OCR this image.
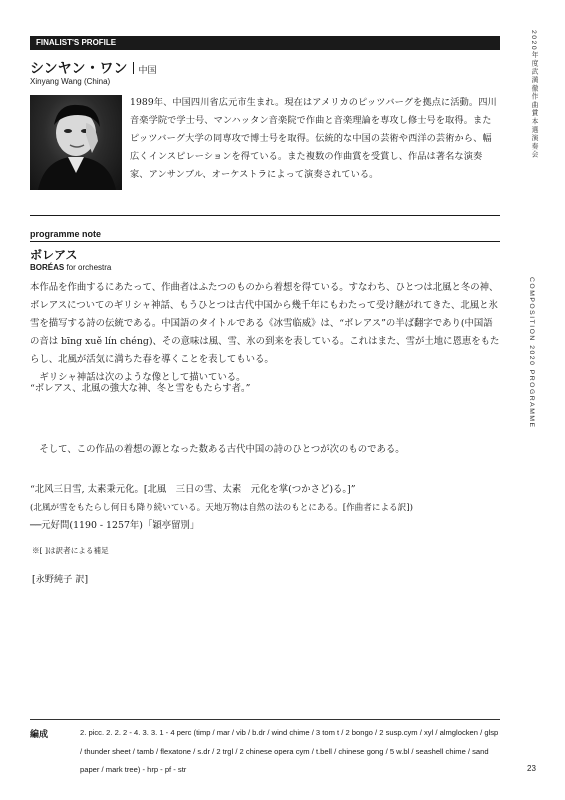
FINALIST'S PROFILE
シンヤン・ワン 中国
Xinyang Wang (China)
1989年、中国四川省広元市生まれ。現在はアメリカのピッツバーグを拠点に活動。四川音楽学院で学士号、マンハッタン音楽院で作曲と音楽理論を専攻し修士号を取得。またピッツバーグ大学の同専攻で博士号を取得。伝統的な中国の芸術や西洋の芸術から、幅広くインスピレーションを得ている。また複数の作曲賞を受賞し、作品は著名な演奏家、アンサンブル、オーケストラによって演奏されている。
programme note
ボレアス
BORÉAS for orchestra
本作品を作曲するにあたって、作曲者はふたつのものから着想を得ている。すなわち、ひとつは北風と冬の神、ボレアスについてのギリシャ神話、もうひとつは古代中国から幾千年にもわたって受け継がれてきた、北風と氷雪を描写する詩の伝統である。中国語のタイトルである《冰雪临威》は、“ボレアス”の半ば翻字であり(中国語の音は bīng xuě lín chéng)、その意味は風、雪、氷の到来を表している。これはまた、雪が土地に恩恵をもたらし、北風が活気に満ちた春を導くことを表してもいる。
ギリシャ神話は次のような像として描いている。
“ボレアス、北風の強大な神、冬と雪をもたらす者。”
そして、この作品の着想の源となった数ある古代中国の詩のひとつが次のものである。
“北风三日雪, 太素秉元化。[北風　三日の雪、太素　元化を掌(つかさど)る。]”
(北風が雪をもたらし何日も降り続いている。天地万物は自然の法のもとにある。[作曲者による訳])
──元好問(1190 - 1257年)「穎亭留別」
※[ ]は訳者による補足
[永野純子 訳]
編成	2. picc. 2. 2. 2 - 4. 3. 3. 1 - 4 perc (timp / mar / vib / b.dr / wind chime / 3 tom t / 2 bongo / 2 susp.cym / xyl / almglocken / glsp / thunder sheet / tamb / flexatone / s.dr / 2 trgl / 2 chinese opera cym / t.bell / chinese gong / 5 w.bl / seashell chime / sand paper / mark tree) - hrp - pf - str
2020年度武満徹作曲賞本選演奏会
COMPOSITION 2020 PROGRAMME
23
